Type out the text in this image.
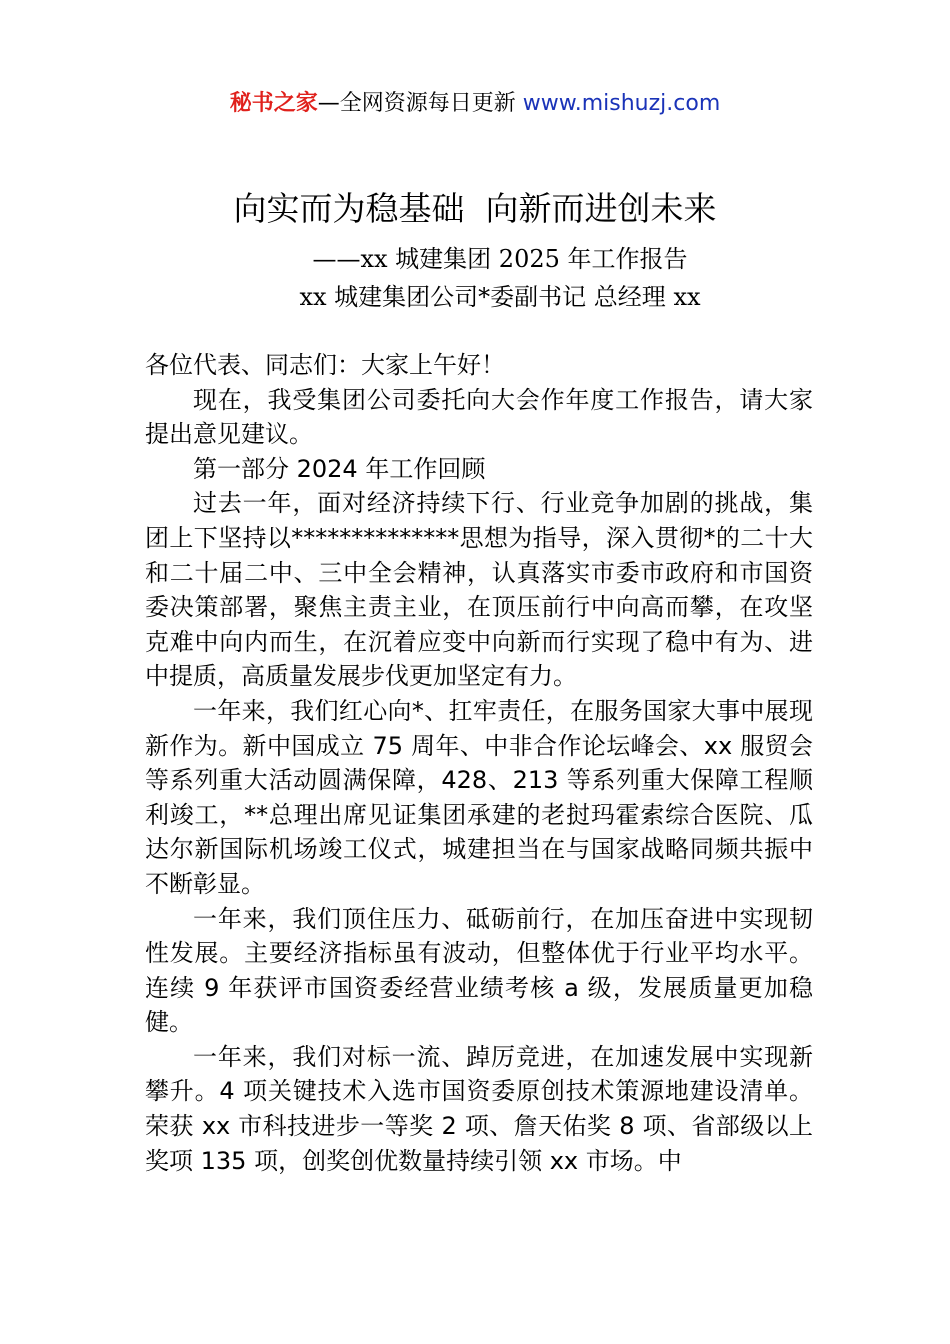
秘书之家—全网资源每日更新 www.mishuzj.com
向实而为稳基础  向新而进创未来
——xx 城建集团 2025 年工作报告
xx 城建集团公司*委副书记 总经理 xx

各位代表、同志们：大家上午好！

现在，我受集团公司委托向大会作年度工作报告，请大家提出意见建议。

第一部分 2024 年工作回顾

过去一年，面对经济持续下行、行业竞争加剧的挑战，集团上下坚持以**************思想为指导，深入贯彻*的二十大和二十届二中、三中全会精神，认真落实市委市政府和市国资委决策部署，聚焦主责主业，在顶压前行中向高而攀，在攻坚克难中向内而生，在沉着应变中向新而行实现了稳中有为、进中提质，高质量发展步伐更加坚定有力。

一年来，我们红心向*、扛牢责任，在服务国家大事中展现新作为。新中国成立 75 周年、中非合作论坛峰会、xx 服贸会等系列重大活动圆满保障，428、213 等系列重大保障工程顺利竣工，**总理出席见证集团承建的老挝玛霍索综合医院、瓜达尔新国际机场竣工仪式，城建担当在与国家战略同频共振中不断彰显。

一年来，我们顶住压力、砥砺前行，在加压奋进中实现韧性发展。主要经济指标虽有波动，但整体优于行业平均水平。连续 9 年获评市国资委经营业绩考核 a 级，发展质量更加稳健。

一年来，我们对标一流、踔厉竞进，在加速发展中实现新攀升。4 项关键技术入选市国资委原创技术策源地建设清单。荣获 xx 市科技进步一等奖 2 项、詹天佑奖 8 项、省部级以上奖项 135 项，创奖创优数量持续引领 xx 市场。中
